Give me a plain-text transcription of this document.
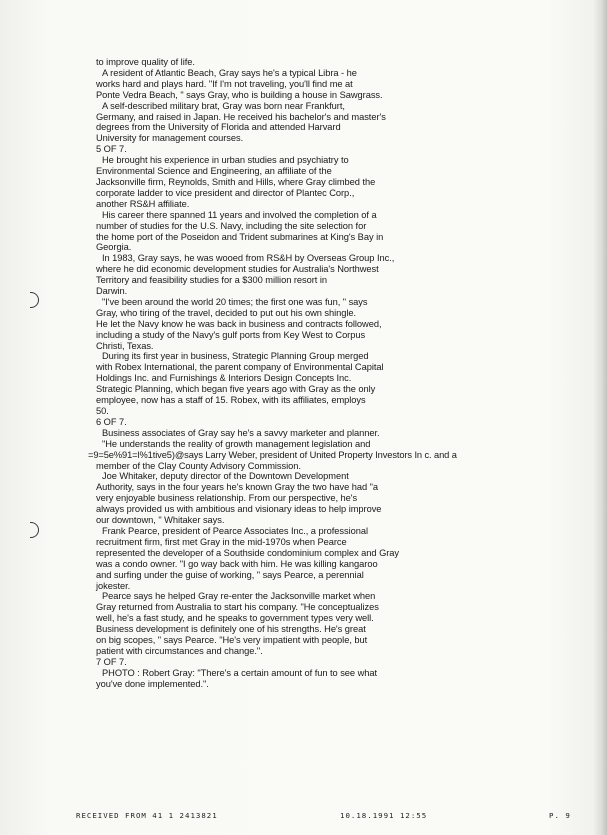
to improve quality of life.

A resident of Atlantic Beach, Gray says he's a typical Libra - he

works hard and plays hard. "If I'm not traveling, you'll find me at

Ponte Vedra Beach, " says Gray, who is building a house in Sawgrass.

A self-described military brat, Gray was born near Frankfurt,

Germany, and raised in Japan. He received his bachelor's and master's

degrees from the University of Florida and attended Harvard

University for management courses.

5 OF 7.

He brought his experience in urban studies and psychiatry to

Environmental Science and Engineering, an affiliate of the

Jacksonville firm, Reynolds, Smith and Hills, where Gray climbed the

corporate ladder to vice president and director of Plantec Corp.,

another RS&H affiliate.

His career there spanned 11 years and involved the completion of a

number of studies for the U.S. Navy, including the site selection for

the home port of the Poseidon and Trident submarines at King's Bay in

Georgia.

In 1983, Gray says, he was wooed from RS&H by Overseas Group Inc.,

where he did economic development studies for Australia's Northwest

Territory and feasibility studies for a $300 million resort in

Darwin.

"I've been around the world 20 times; the first one was fun, " says

Gray, who tiring of the travel, decided to put out his own shingle.

He let the Navy know he was back in business and contracts followed,

including a study of the Navy's gulf ports from Key West to Corpus

Christi, Texas.

During its first year in business, Strategic Planning Group merged

with Robex International, the parent company of Environmental Capital

Holdings Inc. and Furnishings & Interiors Design Concepts Inc.

Strategic Planning, which began five years ago with Gray as the only

employee, now has a staff of 15. Robex, with its affiliates, employs

50.

6 OF 7.

Business associates of Gray say he's a savvy marketer and planner.

"He understands the reality of growth management legislation and

=9=5e%91=l%1tive5)@says Larry Weber, president of United Property Investors In c. and a

member of the Clay County Advisory Commission.

Joe Whitaker, deputy director of the Downtown Development

Authority, says in the four years he's known Gray the two have had "a

very enjoyable business relationship. From our perspective, he's

always provided us with ambitious and visionary ideas to help improve

our downtown, " Whitaker says.

Frank Pearce, president of Pearce Associates Inc., a professional

recruitment firm, first met Gray in the mid-1970s when Pearce

represented the developer of a Southside condominium complex and Gray

was a condo owner. "I go way back with him. He was killing kangaroo

and surfing under the guise of working, " says Pearce, a perennial

jokester.

Pearce says he helped Gray re-enter the Jacksonville market when

Gray returned from Australia to start his company. "He conceptualizes

well, he's a fast study, and he speaks to government types very well.

Business development is definitely one of his strengths. He's great

on big scopes, " says Pearce. "He's very impatient with people, but

patient with circumstances and change.".

7 OF 7.

PHOTO : Robert Gray: "There's a certain amount of fun to see what

you've done implemented.".

RECEIVED FROM 41 1 2413821	10.18.1991 12:55	P. 9
